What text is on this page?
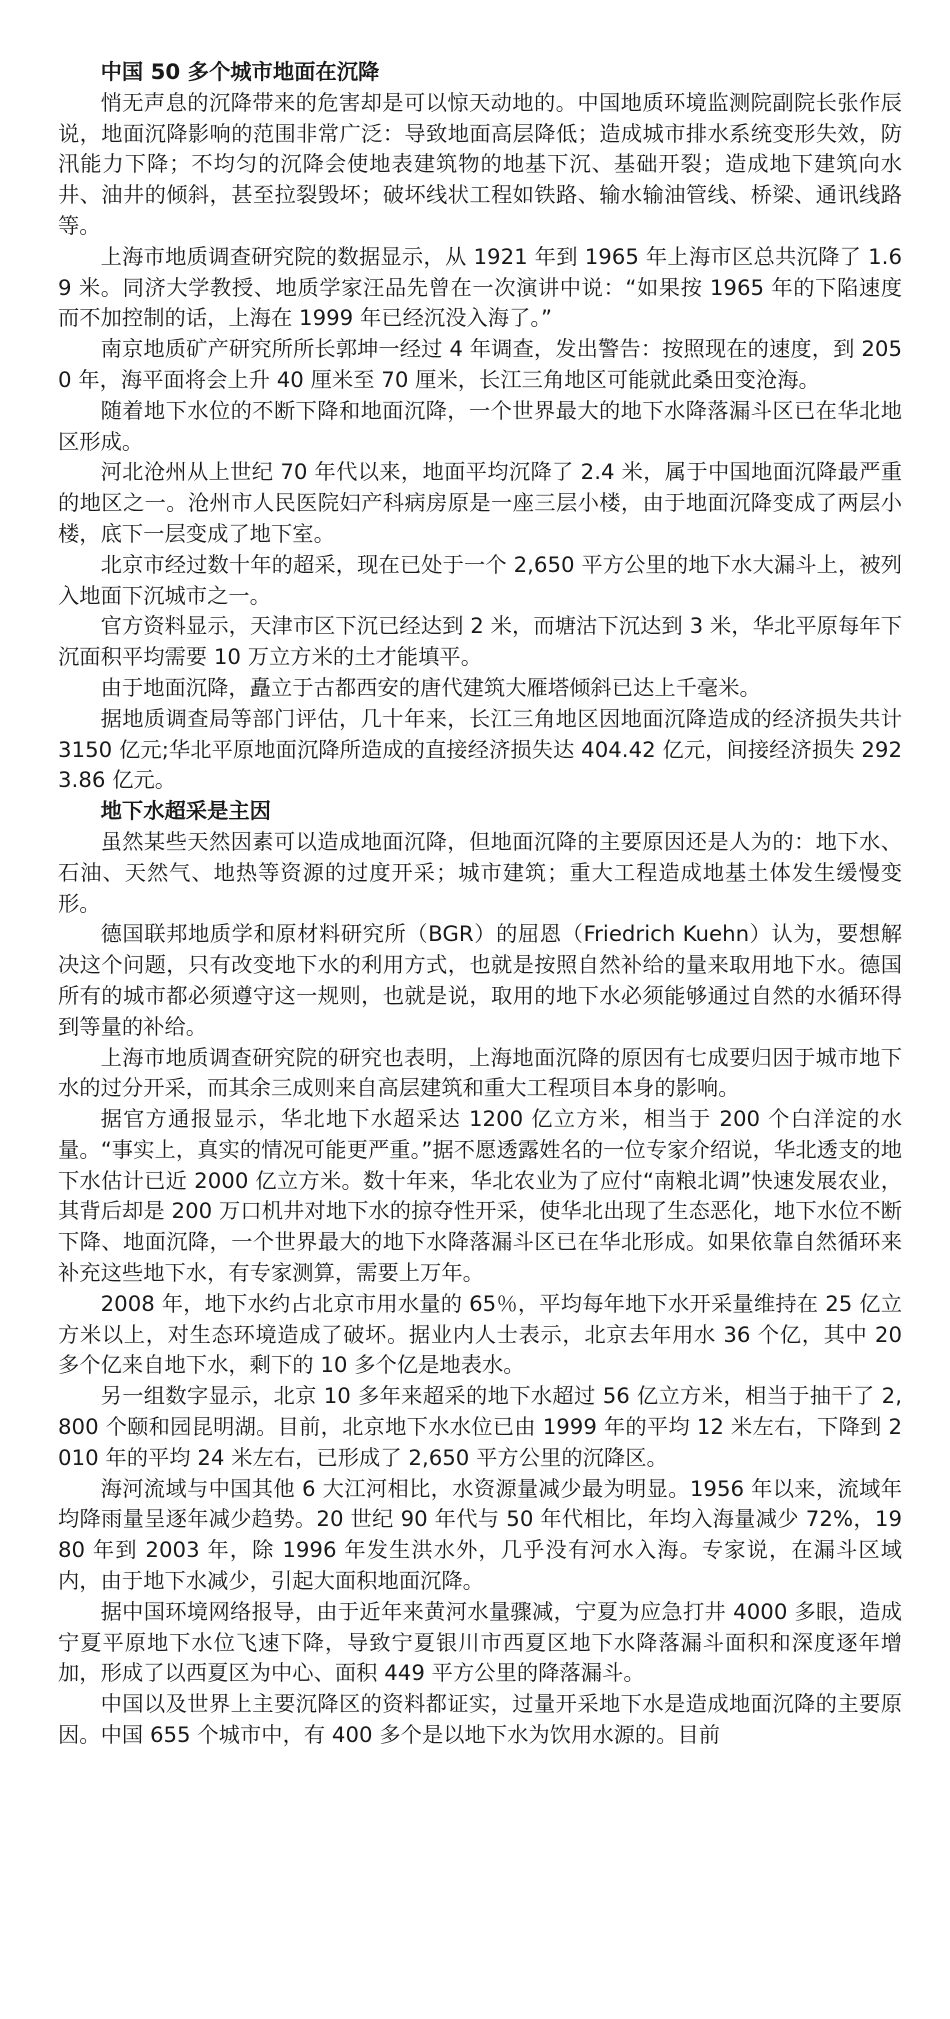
中国 50 多个城市地面在沉降

悄无声息的沉降带来的危害却是可以惊天动地的。中国地质环境监测院副院长张作辰说，地面沉降影响的范围非常广泛：导致地面高层降低；造成城市排水系统变形失效，防汛能力下降；不均匀的沉降会使地表建筑物的地基下沉、基础开裂；造成地下建筑向水井、油井的倾斜，甚至拉裂毁坏；破坏线状工程如铁路、输水输油管线、桥梁、通讯线路等。

上海市地质调查研究院的数据显示，从 1921 年到 1965 年上海市区总共沉降了 1.69 米。同济大学教授、地质学家汪品先曾在一次演讲中说：“如果按 1965 年的下陷速度而不加控制的话，上海在 1999 年已经沉没入海了。”

南京地质矿产研究所所长郭坤一经过 4 年调查，发出警告：按照现在的速度，到 2050 年，海平面将会上升 40 厘米至 70 厘米，长江三角地区可能就此桑田变沧海。

随着地下水位的不断下降和地面沉降，一个世界最大的地下水降落漏斗区已在华北地区形成。

河北沧州从上世纪 70 年代以来，地面平均沉降了 2.4 米，属于中国地面沉降最严重的地区之一。沧州市人民医院妇产科病房原是一座三层小楼，由于地面沉降变成了两层小楼，底下一层变成了地下室。

北京市经过数十年的超采，现在已处于一个 2,650 平方公里的地下水大漏斗上，被列入地面下沉城市之一。

官方资料显示，天津市区下沉已经达到 2 米，而塘沽下沉达到 3 米，华北平原每年下沉面积平均需要 10 万立方米的土才能填平。

由于地面沉降，矗立于古都西安的唐代建筑大雁塔倾斜已达上千毫米。

据地质调查局等部门评估，几十年来，长江三角地区因地面沉降造成的经济损失共计 3150 亿元;华北平原地面沉降所造成的直接经济损失达 404.42 亿元，间接经济损失 2923.86 亿元。

地下水超采是主因

虽然某些天然因素可以造成地面沉降，但地面沉降的主要原因还是人为的：地下水、石油、天然气、地热等资源的过度开采；城市建筑；重大工程造成地基土体发生缓慢变形。

德国联邦地质学和原材料研究所（BGR）的屈恩（Friedrich Kuehn）认为，要想解决这个问题，只有改变地下水的利用方式，也就是按照自然补给的量来取用地下水。德国所有的城市都必须遵守这一规则，也就是说，取用的地下水必须能够通过自然的水循环得到等量的补给。

上海市地质调查研究院的研究也表明，上海地面沉降的原因有七成要归因于城市地下水的过分开采，而其余三成则来自高层建筑和重大工程项目本身的影响。

据官方通报显示，华北地下水超采达 1200 亿立方米，相当于 200 个白洋淀的水量。“事实上，真实的情况可能更严重。”据不愿透露姓名的一位专家介绍说，华北透支的地下水估计已近 2000 亿立方米。数十年来，华北农业为了应付“南粮北调”快速发展农业，其背后却是 200 万口机井对地下水的掠夺性开采，使华北出现了生态恶化，地下水位不断下降、地面沉降，一个世界最大的地下水降落漏斗区已在华北形成。如果依靠自然循环来补充这些地下水，有专家测算，需要上万年。

2008 年，地下水约占北京市用水量的 65％，平均每年地下水开采量维持在 25 亿立方米以上，对生态环境造成了破坏。据业内人士表示，北京去年用水 36 个亿，其中 20 多个亿来自地下水，剩下的 10 多个亿是地表水。

另一组数字显示，北京 10 多年来超采的地下水超过 56 亿立方米，相当于抽干了 2,800 个颐和园昆明湖。目前，北京地下水水位已由 1999 年的平均 12 米左右，下降到 2010 年的平均 24 米左右，已形成了 2,650 平方公里的沉降区。

海河流域与中国其他 6 大江河相比，水资源量减少最为明显。1956 年以来，流域年均降雨量呈逐年减少趋势。20 世纪 90 年代与 50 年代相比，年均入海量减少 72%，1980 年到 2003 年，除 1996 年发生洪水外，几乎没有河水入海。专家说，在漏斗区域内，由于地下水减少，引起大面积地面沉降。

据中国环境网络报导，由于近年来黄河水量骤减，宁夏为应急打井 4000 多眼，造成宁夏平原地下水位飞速下降，导致宁夏银川市西夏区地下水降落漏斗面积和深度逐年增加，形成了以西夏区为中心、面积 449 平方公里的降落漏斗。

中国以及世界上主要沉降区的资料都证实，过量开采地下水是造成地面沉降的主要原因。中国 655 个城市中，有 400 多个是以地下水为饮用水源的。目前
